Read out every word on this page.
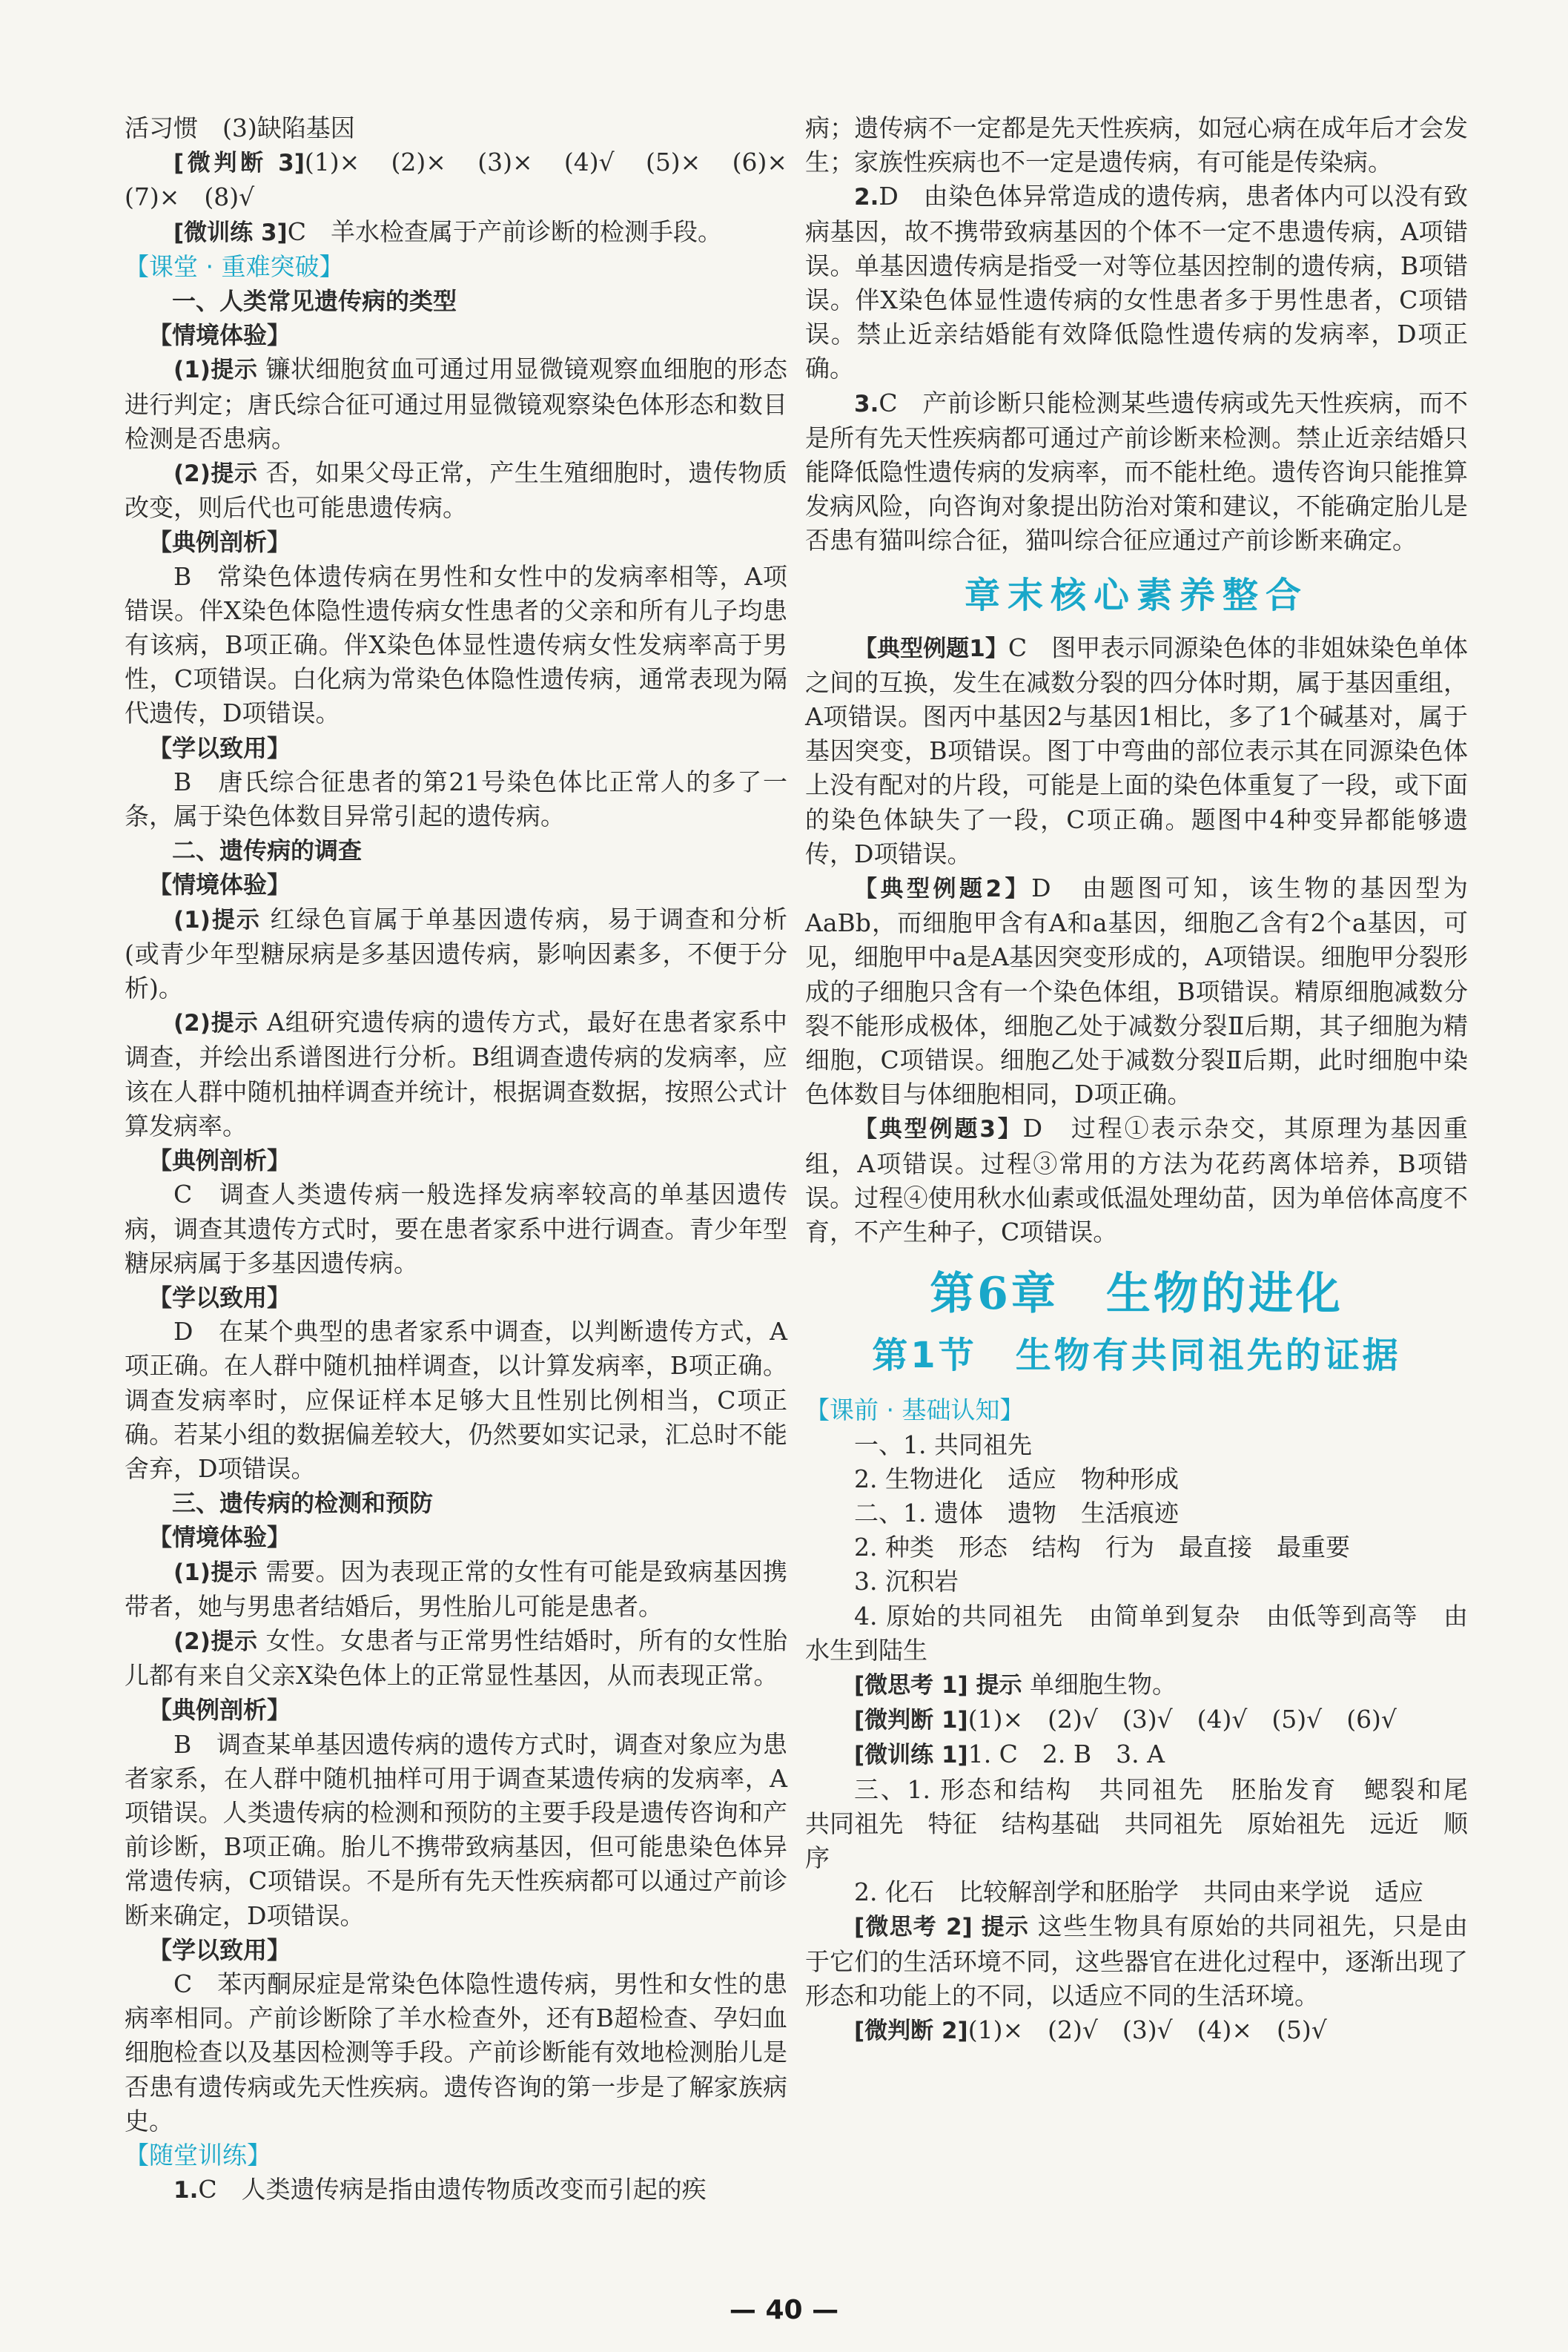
活习惯　(3)缺陷基因

[微判断 3](1)×　(2)×　(3)×　(4)√　(5)×　(6)×　(7)×　(8)√

[微训练 3]C　羊水检查属于产前诊断的检测手段。

【课堂 · 重难突破】

一、人类常见遗传病的类型

【情境体验】

(1)提示 镰状细胞贫血可通过用显微镜观察血细胞的形态进行判定；唐氏综合征可通过用显微镜观察染色体形态和数目检测是否患病。

(2)提示 否，如果父母正常，产生生殖细胞时，遗传物质改变，则后代也可能患遗传病。

【典例剖析】

B　常染色体遗传病在男性和女性中的发病率相等，A项错误。伴X染色体隐性遗传病女性患者的父亲和所有儿子均患有该病，B项正确。伴X染色体显性遗传病女性发病率高于男性，C项错误。白化病为常染色体隐性遗传病，通常表现为隔代遗传，D项错误。

【学以致用】

B　唐氏综合征患者的第21号染色体比正常人的多了一条，属于染色体数目异常引起的遗传病。

二、遗传病的调查

【情境体验】

(1)提示 红绿色盲属于单基因遗传病，易于调查和分析(或青少年型糖尿病是多基因遗传病，影响因素多，不便于分析)。

(2)提示 A组研究遗传病的遗传方式，最好在患者家系中调查，并绘出系谱图进行分析。B组调查遗传病的发病率，应该在人群中随机抽样调查并统计，根据调查数据，按照公式计算发病率。

【典例剖析】

C　调查人类遗传病一般选择发病率较高的单基因遗传病，调查其遗传方式时，要在患者家系中进行调查。青少年型糖尿病属于多基因遗传病。

【学以致用】

D　在某个典型的患者家系中调查，以判断遗传方式，A项正确。在人群中随机抽样调查，以计算发病率，B项正确。调查发病率时，应保证样本足够大且性别比例相当，C项正确。若某小组的数据偏差较大，仍然要如实记录，汇总时不能舍弃，D项错误。

三、遗传病的检测和预防

【情境体验】

(1)提示 需要。因为表现正常的女性有可能是致病基因携带者，她与男患者结婚后，男性胎儿可能是患者。

(2)提示 女性。女患者与正常男性结婚时，所有的女性胎儿都有来自父亲X染色体上的正常显性基因，从而表现正常。

【典例剖析】

B　调查某单基因遗传病的遗传方式时，调查对象应为患者家系，在人群中随机抽样可用于调查某遗传病的发病率，A项错误。人类遗传病的检测和预防的主要手段是遗传咨询和产前诊断，B项正确。胎儿不携带致病基因，但可能患染色体异常遗传病，C项错误。不是所有先天性疾病都可以通过产前诊断来确定，D项错误。

【学以致用】

C　苯丙酮尿症是常染色体隐性遗传病，男性和女性的患病率相同。产前诊断除了羊水检查外，还有B超检查、孕妇血细胞检查以及基因检测等手段。产前诊断能有效地检测胎儿是否患有遗传病或先天性疾病。遗传咨询的第一步是了解家族病史。

【随堂训练】

1.C　人类遗传病是指由遗传物质改变而引起的疾

病；遗传病不一定都是先天性疾病，如冠心病在成年后才会发生；家族性疾病也不一定是遗传病，有可能是传染病。

2.D　由染色体异常造成的遗传病，患者体内可以没有致病基因，故不携带致病基因的个体不一定不患遗传病，A项错误。单基因遗传病是指受一对等位基因控制的遗传病，B项错误。伴X染色体显性遗传病的女性患者多于男性患者，C项错误。禁止近亲结婚能有效降低隐性遗传病的发病率，D项正确。

3.C　产前诊断只能检测某些遗传病或先天性疾病，而不是所有先天性疾病都可通过产前诊断来检测。禁止近亲结婚只能降低隐性遗传病的发病率，而不能杜绝。遗传咨询只能推算发病风险，向咨询对象提出防治对策和建议，不能确定胎儿是否患有猫叫综合征，猫叫综合征应通过产前诊断来确定。

章末核心素养整合

【典型例题1】C　图甲表示同源染色体的非姐妹染色单体之间的互换，发生在减数分裂的四分体时期，属于基因重组，A项错误。图丙中基因2与基因1相比，多了1个碱基对，属于基因突变，B项错误。图丁中弯曲的部位表示其在同源染色体上没有配对的片段，可能是上面的染色体重复了一段，或下面的染色体缺失了一段，C项正确。题图中4种变异都能够遗传，D项错误。

【典型例题2】D　由题图可知，该生物的基因型为AaBb，而细胞甲含有A和a基因，细胞乙含有2个a基因，可见，细胞甲中a是A基因突变形成的，A项错误。细胞甲分裂形成的子细胞只含有一个染色体组，B项错误。精原细胞减数分裂不能形成极体，细胞乙处于减数分裂Ⅱ后期，其子细胞为精细胞，C项错误。细胞乙处于减数分裂Ⅱ后期，此时细胞中染色体数目与体细胞相同，D项正确。

【典型例题3】D　过程①表示杂交，其原理为基因重组，A项错误。过程③常用的方法为花药离体培养，B项错误。过程④使用秋水仙素或低温处理幼苗，因为单倍体高度不育，不产生种子，C项错误。

第6章　生物的进化

第1节　生物有共同祖先的证据

【课前 · 基础认知】

一、1. 共同祖先

2. 生物进化　适应　物种形成

二、1. 遗体　遗物　生活痕迹

2. 种类　形态　结构　行为　最直接　最重要

3. 沉积岩

4. 原始的共同祖先　由简单到复杂　由低等到高等　由水生到陆生

[微思考 1] 提示 单细胞生物。

[微判断 1](1)×　(2)√　(3)√　(4)√　(5)√　(6)√

[微训练 1]1. C　2. B　3. A

三、1. 形态和结构　共同祖先　胚胎发育　鳃裂和尾　共同祖先　特征　结构基础　共同祖先　原始祖先　远近　顺序

2. 化石　比较解剖学和胚胎学　共同由来学说　适应

[微思考 2] 提示 这些生物具有原始的共同祖先，只是由于它们的生活环境不同，这些器官在进化过程中，逐渐出现了形态和功能上的不同，以适应不同的生活环境。

[微判断 2](1)×　(2)√　(3)√　(4)×　(5)√

— 40 —
